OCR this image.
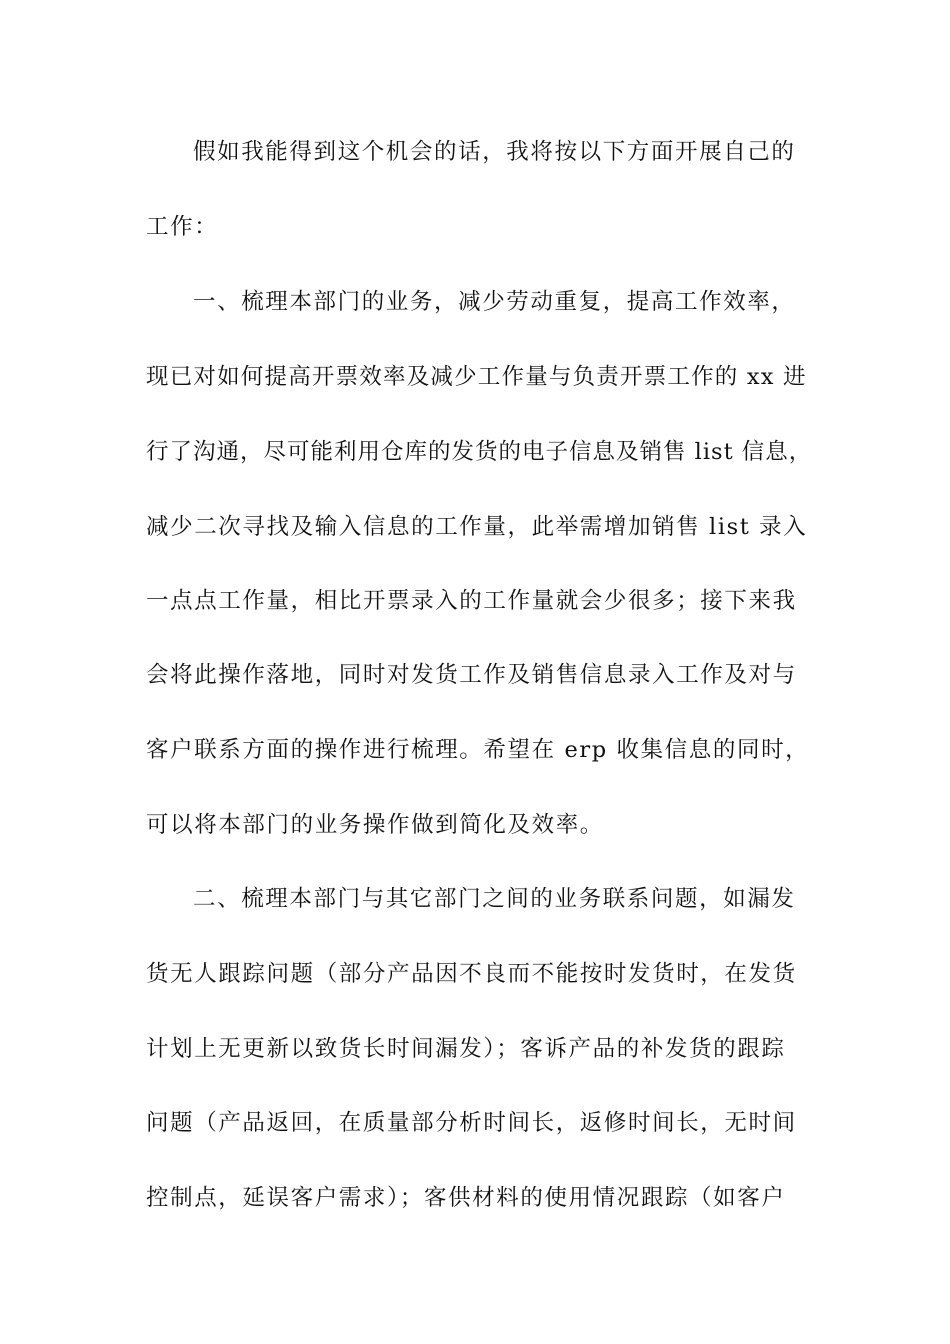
假如我能得到这个机会的话，我将按以下方面开展自己的
工作：
一、梳理本部门的业务，减少劳动重复，提高工作效率，
现已对如何提高开票效率及减少工作量与负责开票工作的 xx 进
行了沟通，尽可能利用仓库的发货的电子信息及销售 list 信息，
减少二次寻找及输入信息的工作量，此举需增加销售 list 录入
一点点工作量，相比开票录入的工作量就会少很多；接下来我
会将此操作落地，同时对发货工作及销售信息录入工作及对与
客户联系方面的操作进行梳理。希望在 erp 收集信息的同时，
可以将本部门的业务操作做到简化及效率。
二、梳理本部门与其它部门之间的业务联系问题，如漏发
货无人跟踪问题（部分产品因不良而不能按时发货时，在发货
计划上无更新以致货长时间漏发）；客诉产品的补发货的跟踪
问题（产品返回，在质量部分析时间长，返修时间长，无时间
控制点，延误客户需求）；客供材料的使用情况跟踪（如客户
